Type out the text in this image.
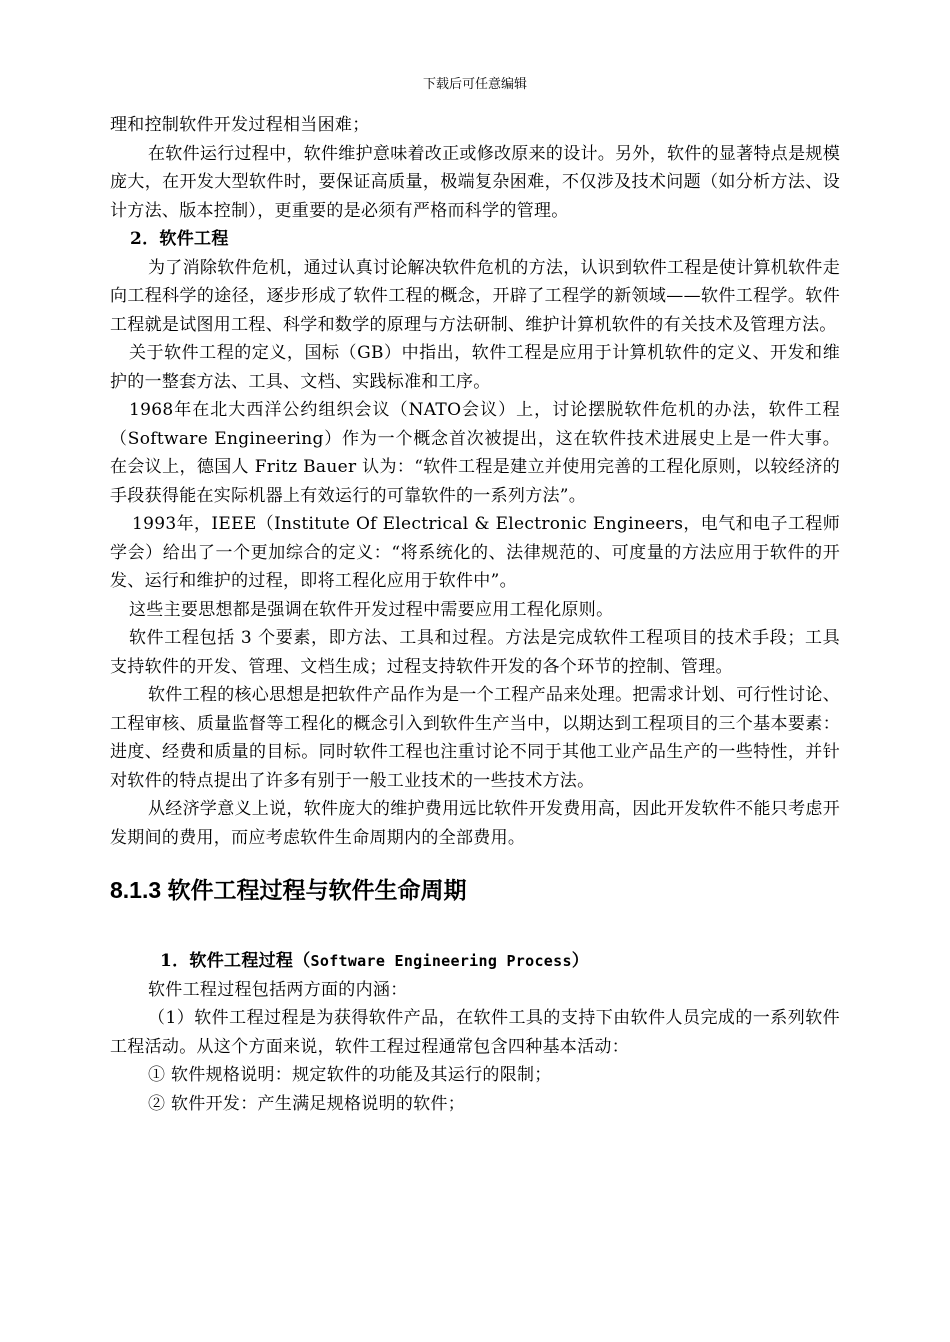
下载后可任意编辑

理和控制软件开发过程相当困难；

在软件运行过程中，软件维护意味着改正或修改原来的设计。另外，软件的显著特点是规模庞大，在开发大型软件时，要保证高质量，极端复杂困难，不仅涉及技术问题（如分析方法、设计方法、版本控制），更重要的是必须有严格而科学的管理。

2．软件工程

为了消除软件危机，通过认真讨论解决软件危机的方法，认识到软件工程是使计算机软件走向工程科学的途径，逐步形成了软件工程的概念，开辟了工程学的新领域——软件工程学。软件工程就是试图用工程、科学和数学的原理与方法研制、维护计算机软件的有关技术及管理方法。

关于软件工程的定义，国标（GB）中指出，软件工程是应用于计算机软件的定义、开发和维护的一整套方法、工具、文档、实践标准和工序。

1968年在北大西洋公约组织会议（NATO会议）上，讨论摆脱软件危机的办法，软件工程（Software Engineering）作为一个概念首次被提出，这在软件技术进展史上是一件大事。在会议上，德国人 Fritz Bauer 认为：“软件工程是建立并使用完善的工程化原则，以较经济的手段获得能在实际机器上有效运行的可靠软件的一系列方法”。

1993年，IEEE（Institute Of Electrical & Electronic Engineers，电气和电子工程师学会）给出了一个更加综合的定义：“将系统化的、法律规范的、可度量的方法应用于软件的开发、运行和维护的过程，即将工程化应用于软件中”。

这些主要思想都是强调在软件开发过程中需要应用工程化原则。

软件工程包括 3 个要素，即方法、工具和过程。方法是完成软件工程项目的技术手段；工具支持软件的开发、管理、文档生成；过程支持软件开发的各个环节的控制、管理。

软件工程的核心思想是把软件产品作为是一个工程产品来处理。把需求计划、可行性讨论、工程审核、质量监督等工程化的概念引入到软件生产当中，以期达到工程项目的三个基本要素：进度、经费和质量的目标。同时软件工程也注重讨论不同于其他工业产品生产的一些特性，并针对软件的特点提出了许多有别于一般工业技术的一些技术方法。

从经济学意义上说，软件庞大的维护费用远比软件开发费用高，因此开发软件不能只考虑开发期间的费用，而应考虑软件生命周期内的全部费用。

8.1.3 软件工程过程与软件生命周期

1．软件工程过程（Software Engineering Process）

软件工程过程包括两方面的内涵：

（1）软件工程过程是为获得软件产品，在软件工具的支持下由软件人员完成的一系列软件工程活动。从这个方面来说，软件工程过程通常包含四种基本活动：

① 软件规格说明：规定软件的功能及其运行的限制；

② 软件开发：产生满足规格说明的软件；
